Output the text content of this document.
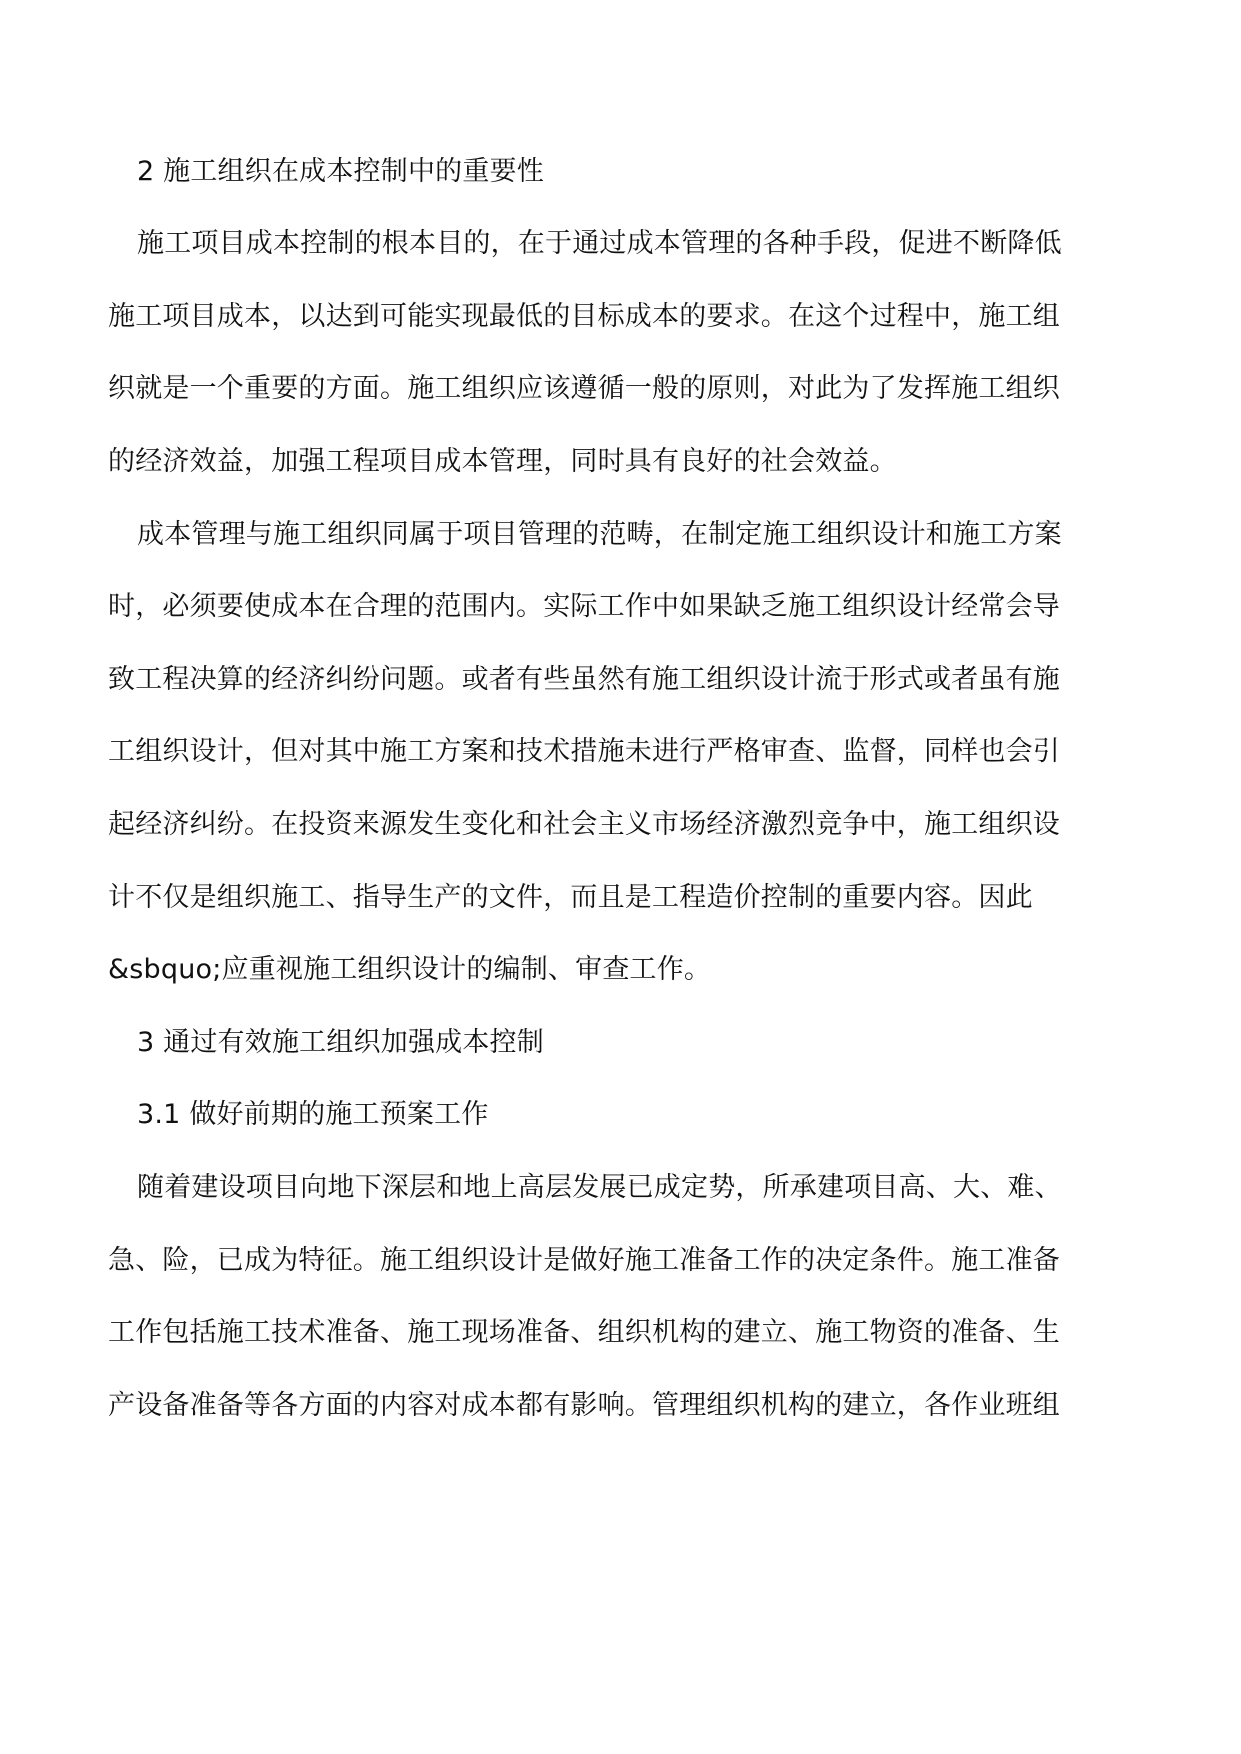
2 施工组织在成本控制中的重要性
施工项目成本控制的根本目的，在于通过成本管理的各种手段，促进不断降低
施工项目成本，以达到可能实现最低的目标成本的要求。在这个过程中，施工组
织就是一个重要的方面。施工组织应该遵循一般的原则，对此为了发挥施工组织
的经济效益，加强工程项目成本管理，同时具有良好的社会效益。
成本管理与施工组织同属于项目管理的范畴，在制定施工组织设计和施工方案
时，必须要使成本在合理的范围内。实际工作中如果缺乏施工组织设计经常会导
致工程决算的经济纠纷问题。或者有些虽然有施工组织设计流于形式或者虽有施
工组织设计，但对其中施工方案和技术措施未进行严格审查、监督，同样也会引
起经济纠纷。在投资来源发生变化和社会主义市场经济激烈竞争中，施工组织设
计不仅是组织施工、指导生产的文件，而且是工程造价控制的重要内容。因此
&sbquo;应重视施工组织设计的编制、审查工作。
3 通过有效施工组织加强成本控制
3.1 做好前期的施工预案工作
随着建设项目向地下深层和地上高层发展已成定势，所承建项目高、大、难、
急、险，已成为特征。施工组织设计是做好施工准备工作的决定条件。施工准备
工作包括施工技术准备、施工现场准备、组织机构的建立、施工物资的准备、生
产设备准备等各方面的内容对成本都有影响。管理组织机构的建立，各作业班组
